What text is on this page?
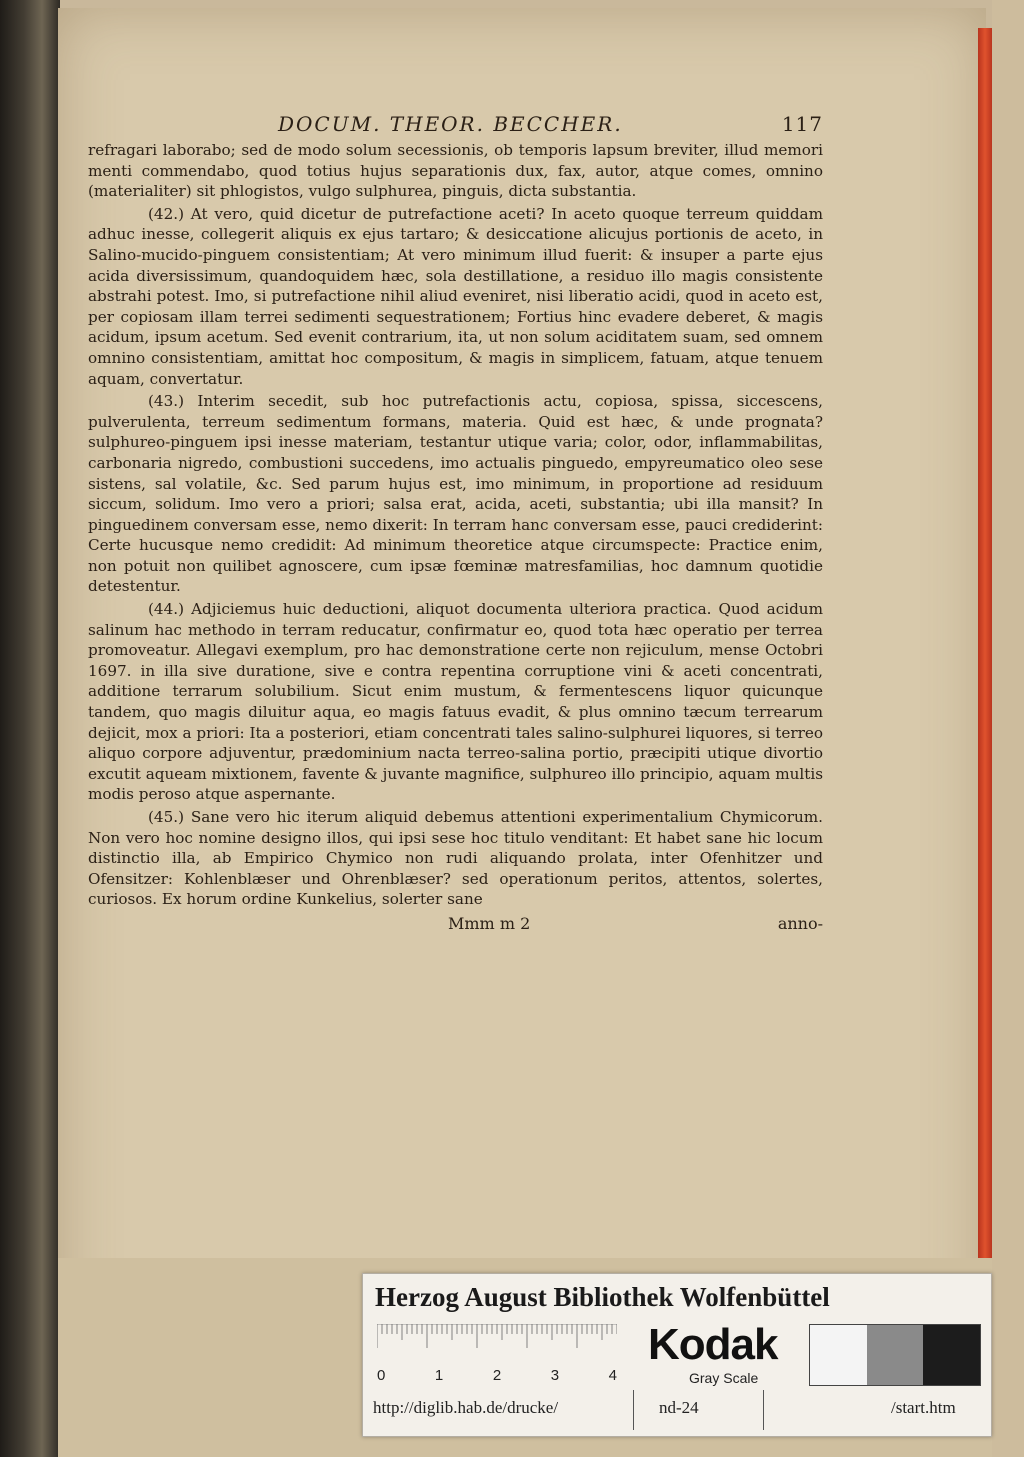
DOCUM. THEOR. BECCHER.	117

refragari laborabo; sed de modo solum secessionis, ob temporis lapsum breviter, illud memori menti commendabo, quod totius hujus separationis dux, fax, autor, atque comes, omnino (materialiter) sit phlogistos, vulgo sulphurea, pinguis, dicta substantia.

(42.) At vero, quid dicetur de putrefactione aceti? In aceto quoque terreum quiddam adhuc inesse, collegerit aliquis ex ejus tartaro; & desiccatione alicujus portionis de aceto, in Salino-mucido-pinguem consistentiam; At vero minimum illud fuerit: & insuper a parte ejus acida diversissimum, quandoquidem hæc, sola destillatione, a residuo illo magis consistente abstrahi potest. Imo, si putrefactione nihil aliud eveniret, nisi liberatio acidi, quod in aceto est, per copiosam illam terrei sedimenti sequestrationem; Fortius hinc evadere deberet, & magis acidum, ipsum acetum. Sed evenit contrarium, ita, ut non solum aciditatem suam, sed omnem omnino consistentiam, amittat hoc compositum, & magis in simplicem, fatuam, atque tenuem aquam, convertatur.

(43.) Interim secedit, sub hoc putrefactionis actu, copiosa, spissa, siccescens, pulverulenta, terreum sedimentum formans, materia. Quid est hæc, & unde prognata? sulphureo-pinguem ipsi inesse materiam, testantur utique varia; color, odor, inflammabilitas, carbonaria nigredo, combustioni succedens, imo actualis pinguedo, empyreumatico oleo sese sistens, sal volatile, &c. Sed parum hujus est, imo minimum, in proportione ad residuum siccum, solidum. Imo vero a priori; salsa erat, acida, aceti, substantia; ubi illa mansit? In pinguedinem conversam esse, nemo dixerit: In terram hanc conversam esse, pauci crediderint: Certe hucusque nemo credidit: Ad minimum theoretice atque circumspecte: Practice enim, non potuit non quilibet agnoscere, cum ipsæ fœminæ matresfamilias, hoc damnum quotidie detestentur.

(44.) Adjiciemus huic deductioni, aliquot documenta ulteriora practica. Quod acidum salinum hac methodo in terram reducatur, confirmatur eo, quod tota hæc operatio per terrea promoveatur. Allegavi exemplum, pro hac demonstratione certe non rejiculum, mense Octobri 1697. in illa sive duratione, sive e contra repentina corruptione vini & aceti concentrati, additione terrarum solubilium. Sicut enim mustum, & fermentescens liquor quicunque tandem, quo magis diluitur aqua, eo magis fatuus evadit, & plus omnino tæcum terrearum dejicit, mox a priori: Ita a posteriori, etiam concentrati tales salino-sulphurei liquores, si terreo aliquo corpore adjuventur, prædominium nacta terreo-salina portio, præcipiti utique divortio excutit aqueam mixtionem, favente & juvante magnifice, sulphureo illo principio, aquam multis modis peroso atque aspernante.

(45.) Sane vero hic iterum aliquid debemus attentioni experimentalium Chymicorum. Non vero hoc nomine designo illos, qui ipsi sese hoc titulo venditant: Et habet sane hic locum distinctio illa, ab Empirico Chymico non rudi aliquando prolata, inter Ofenhitzer und Ofensitzer: Kohlenblæser und Ohrenblæser? sed operationum peritos, attentos, solertes, curiosos. Ex horum ordine Kunkelius, solerter sane

Mmm m 2	anno-
Herzog August Bibliothek Wolfenbüttel
0	1	2	3	4
Kodak
Gray Scale
http://diglib.hab.de/drucke/	nd-24	/start.htm
